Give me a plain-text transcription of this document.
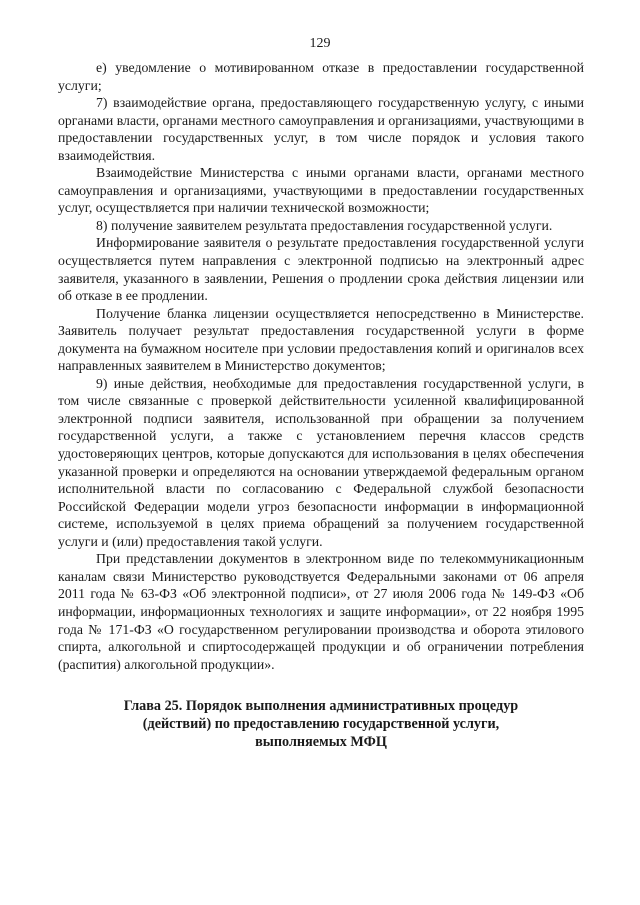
129

е) уведомление о мотивированном отказе в предоставлении государственной услуги;

7) взаимодействие органа, предоставляющего государственную услугу, с иными органами власти, органами местного самоуправления и организациями, участвующими в предоставлении государственных услуг, в том числе порядок и условия такого взаимодействия.

Взаимодействие Министерства с иными органами власти, органами местного самоуправления и организациями, участвующими в предоставлении государственных услуг, осуществляется при наличии технической возможности;

8) получение заявителем результата предоставления государственной услуги.

Информирование заявителя о результате предоставления государственной услуги осуществляется путем направления с электронной подписью на электронный адрес заявителя, указанного в заявлении, Решения о продлении срока действия лицензии или об отказе в ее продлении.

Получение бланка лицензии осуществляется непосредственно в Министерстве. Заявитель получает результат предоставления государственной услуги в форме документа на бумажном носителе при условии предоставления копий и оригиналов всех направленных заявителем в Министерство документов;

9) иные действия, необходимые для предоставления государственной услуги, в том числе связанные с проверкой действительности усиленной квалифицированной электронной подписи заявителя, использованной при обращении за получением государственной услуги, а также с установлением перечня классов средств удостоверяющих центров, которые допускаются для использования в целях обеспечения указанной проверки и определяются на основании утверждаемой федеральным органом исполнительной власти по согласованию с Федеральной службой безопасности Российской Федерации модели угроз безопасности информации в информационной системе, используемой в целях приема обращений за получением государственной услуги и (или) предоставления такой услуги.

При представлении документов в электронном виде по телекоммуникационным каналам связи Министерство руководствуется Федеральными законами от 06 апреля 2011 года № 63-ФЗ «Об электронной подписи», от 27 июля 2006 года № 149-ФЗ «Об информации, информационных технологиях и защите информации», от 22 ноября 1995 года № 171-ФЗ «О государственном регулировании производства и оборота этилового спирта, алкогольной и спиртосодержащей продукции и об ограничении потребления (распития) алкогольной продукции».

Глава 25. Порядок выполнения административных процедур
(действий) по предоставлению государственной услуги,
выполняемых МФЦ
